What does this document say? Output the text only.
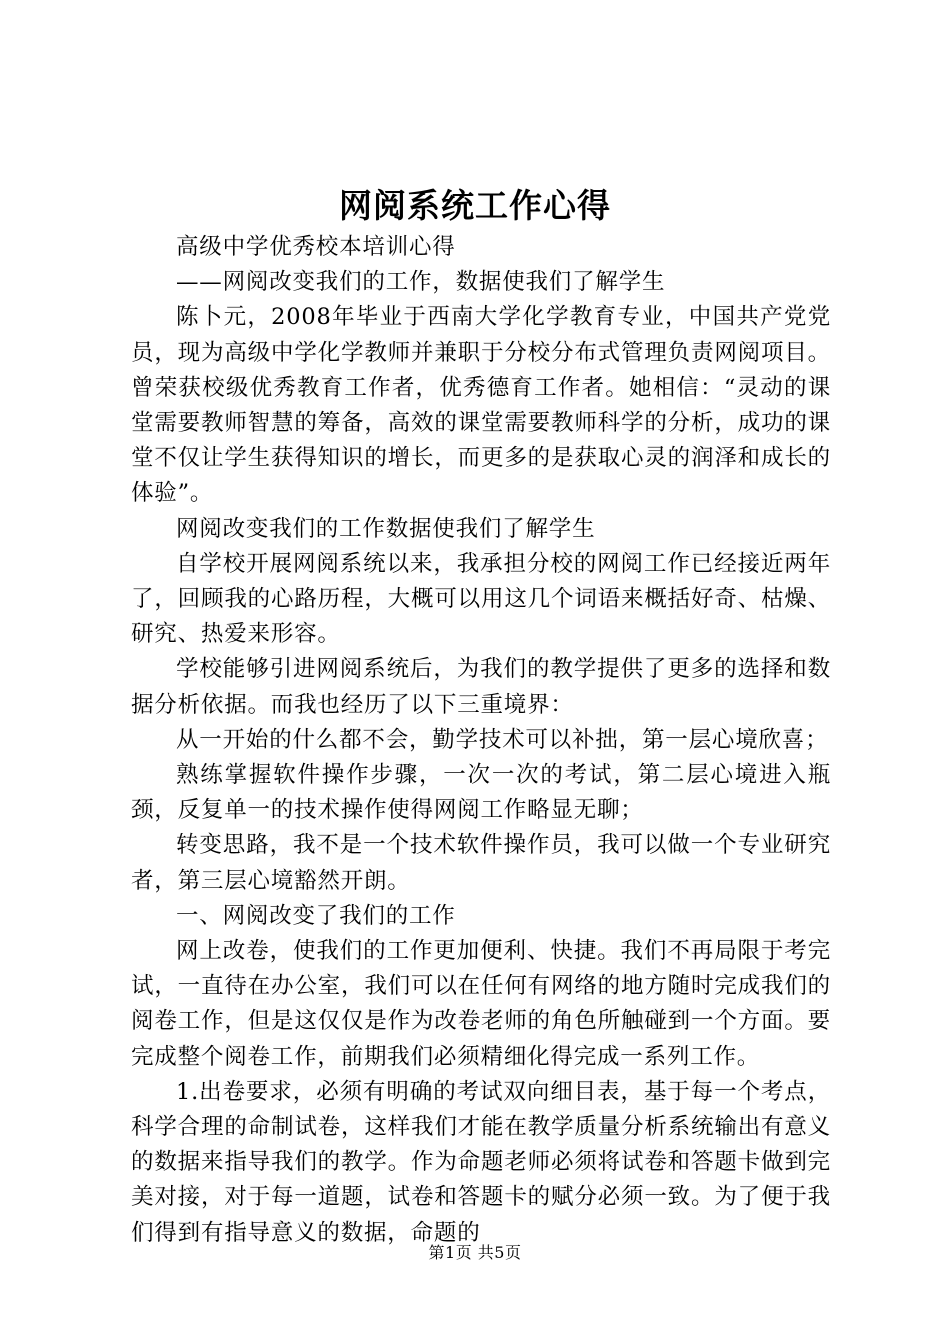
网阅系统工作心得

高级中学优秀校本培训心得

——网阅改变我们的工作，数据使我们了解学生

陈卜元，2008年毕业于西南大学化学教育专业，中国共产党党员，现为高级中学化学教师并兼职于分校分布式管理负责网阅项目。曾荣获校级优秀教育工作者，优秀德育工作者。她相信：“灵动的课堂需要教师智慧的筹备，高效的课堂需要教师科学的分析，成功的课堂不仅让学生获得知识的增长，而更多的是获取心灵的润泽和成长的体验”。

网阅改变我们的工作数据使我们了解学生

自学校开展网阅系统以来，我承担分校的网阅工作已经接近两年了，回顾我的心路历程，大概可以用这几个词语来概括好奇、枯燥、研究、热爱来形容。

学校能够引进网阅系统后，为我们的教学提供了更多的选择和数据分析依据。而我也经历了以下三重境界：

从一开始的什么都不会，勤学技术可以补拙，第一层心境欣喜；

熟练掌握软件操作步骤，一次一次的考试，第二层心境进入瓶颈，反复单一的技术操作使得网阅工作略显无聊；

转变思路，我不是一个技术软件操作员，我可以做一个专业研究者，第三层心境豁然开朗。

一、网阅改变了我们的工作

网上改卷，使我们的工作更加便利、快捷。我们不再局限于考完试，一直待在办公室，我们可以在任何有网络的地方随时完成我们的阅卷工作，但是这仅仅是作为改卷老师的角色所触碰到一个方面。要完成整个阅卷工作，前期我们必须精细化得完成一系列工作。

1.出卷要求，必须有明确的考试双向细目表，基于每一个考点，科学合理的命制试卷，这样我们才能在教学质量分析系统输出有意义的数据来指导我们的教学。作为命题老师必须将试卷和答题卡做到完美对接，对于每一道题，试卷和答题卡的赋分必须一致。为了便于我们得到有指导意义的数据，命题的

第1页 共5页
